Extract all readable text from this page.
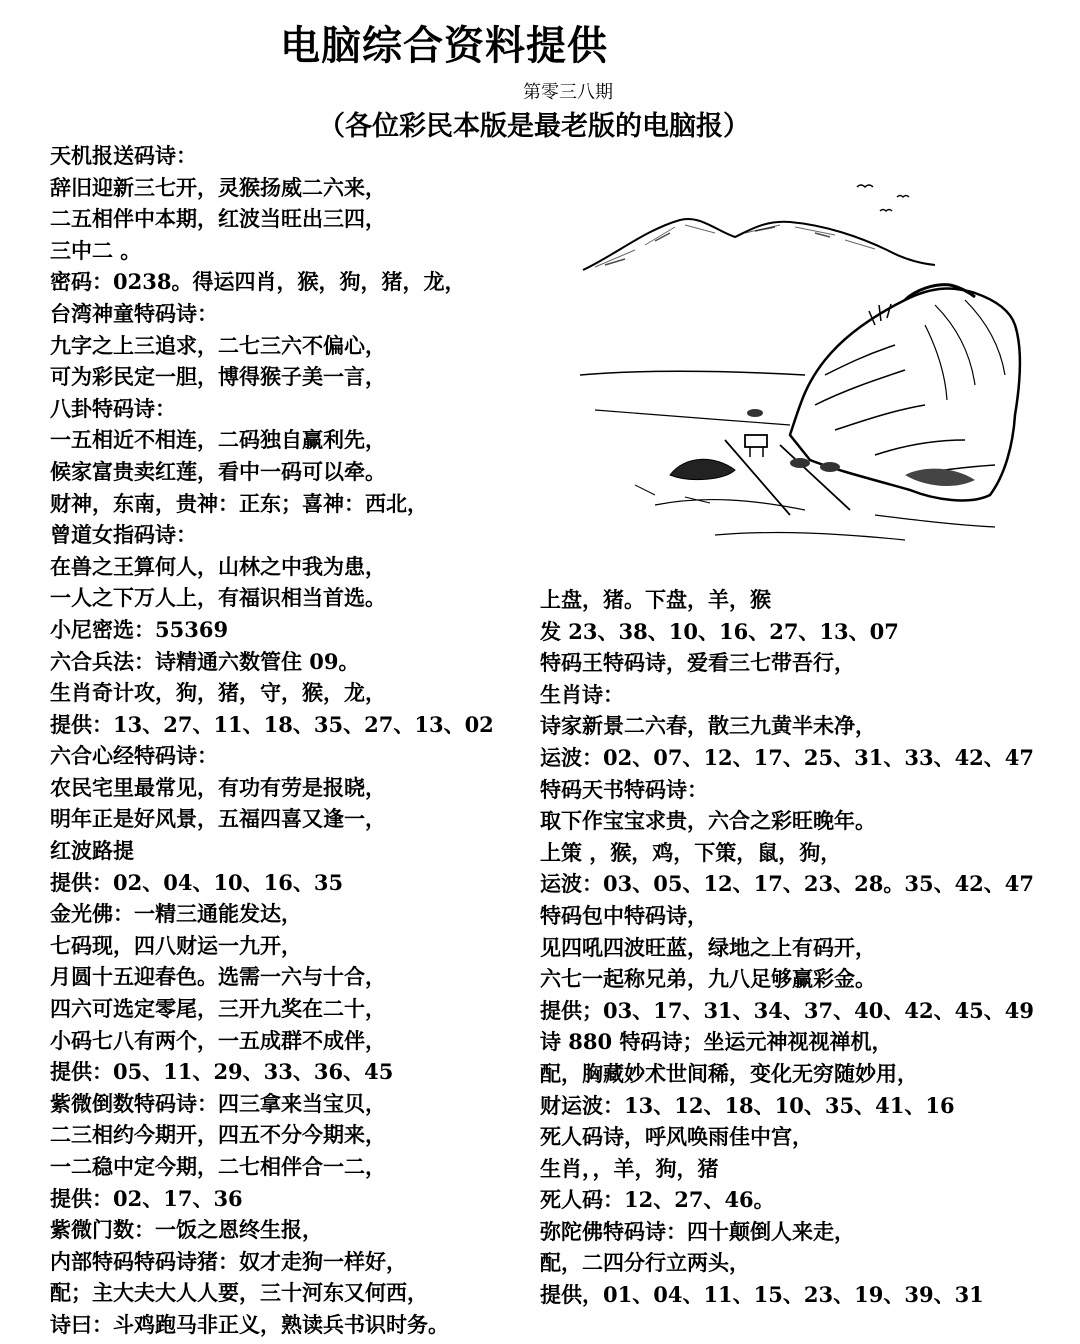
电脑综合资料提供
第零三八期
（各位彩民本版是最老版的电脑报）
天机报送码诗：
辞旧迎新三七开，灵猴扬威二六来，
二五相伴中本期，红波当旺出三四，
三中二 。
密码：0238。得运四肖，猴，狗，猪，龙，
台湾神童特码诗：
九字之上三追求，二七三六不偏心，
可为彩民定一胆，博得猴子美一言，
八卦特码诗：
一五相近不相连，二码独自赢利先，
候家富贵卖红莲，看中一码可以牵。
财神，东南，贵神：正东；喜神：西北，
曾道女指码诗：
在兽之王算何人，山林之中我为患，
一人之下万人上，有福识相当首选。
小尼密选：55369
六合兵法：诗精通六数管住 09。
生肖奇计攻，狗，猪，守，猴，龙，
提供：13、27、11、18、35、27、13、02
六合心经特码诗：
农民宅里最常见，有功有劳是报晓，
明年正是好风景，五福四喜又逢一，
红波路提
提供：02、04、10、16、35
金光佛：一精三通能发达，
七码现，四八财运一九开，
月圆十五迎春色。选需一六与十合，
四六可选定零尾，三开九奖在二十，
小码七八有两个，一五成群不成伴，
提供：05、11、29、33、36、45
紫微倒数特码诗：四三拿来当宝贝，
二三相约今期开，四五不分今期来，
一二稳中定今期，二七相伴合一二，
提供：02、17、36
紫微门数：一饭之恩终生报，
内部特码特码诗猪：奴才走狗一样好，
配；主大夫大人人要，三十河东又何西，
诗曰：斗鸡跑马非正义，熟读兵书识时务。
上盘，猪。下盘，羊，猴
发 23、38、10、16、27、13、07
特码王特码诗，爱看三七带吾行，
生肖诗：
诗家新景二六春，散三九黄半未净，
运波：02、07、12、17、25、31、33、42、47
特码天书特码诗：
取下作宝宝求贵，六合之彩旺晚年。
上策 ，猴，鸡，下策，鼠，狗，
运波：03、05、12、17、23、28。35、42、47
特码包中特码诗，
见四吼四波旺蓝，绿地之上有码开，
六七一起称兄弟，九八足够赢彩金。
提供；03、17、31、34、37、40、42、45、49
诗 880 特码诗；坐运元神视视禅机，
配，胸藏妙术世间稀，变化无穷随妙用，
财运波：13、12、18、10、35、41、16
死人码诗，呼风唤雨佳中宫，
生肖，，羊，狗，猪
死人码：12、27、46。
弥陀佛特码诗：四十颠倒人来走，
配，二四分行立两头，
提供，01、04、11、15、23、19、39、31
